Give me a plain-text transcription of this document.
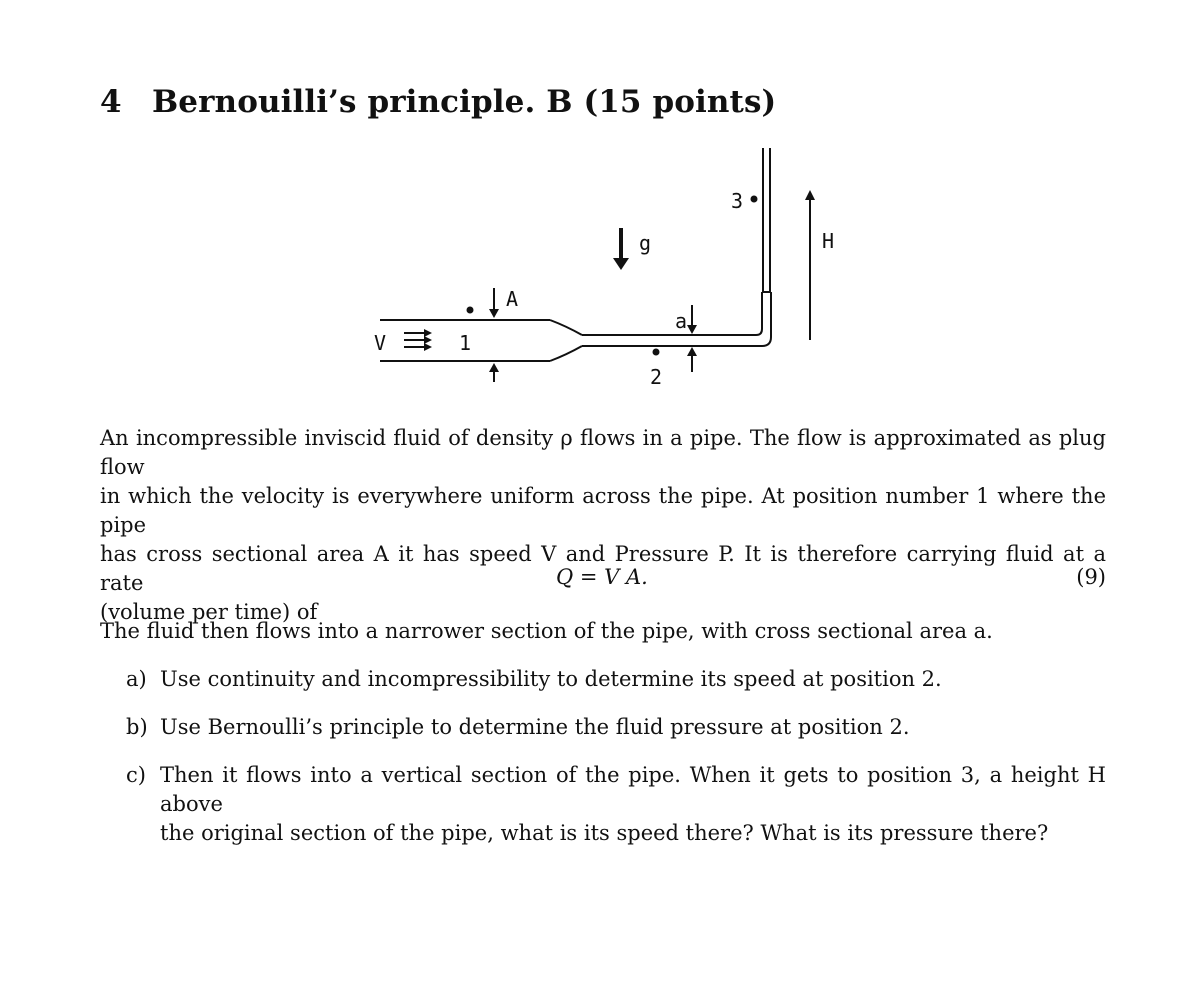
4 Bernouilli’s principle. B (15 points)
V	1
A
g
a
2
3
H
An incompressible inviscid fluid of density ρ flows in a pipe. The flow is approximated as plug flow
in which the velocity is everywhere uniform across the pipe. At position number 1 where the pipe
has cross sectional area A it has speed V and Pressure P. It is therefore carrying fluid at a rate
(volume per time) of
Q = V A.	(9)
The fluid then flows into a narrower section of the pipe, with cross sectional area a.
a) Use continuity and incompressibility to determine its speed at position 2.
b) Use Bernoulli’s principle to determine the fluid pressure at position 2.
c) Then it flows into a vertical section of the pipe. When it gets to position 3, a height H above
the original section of the pipe, what is its speed there? What is its pressure there?
